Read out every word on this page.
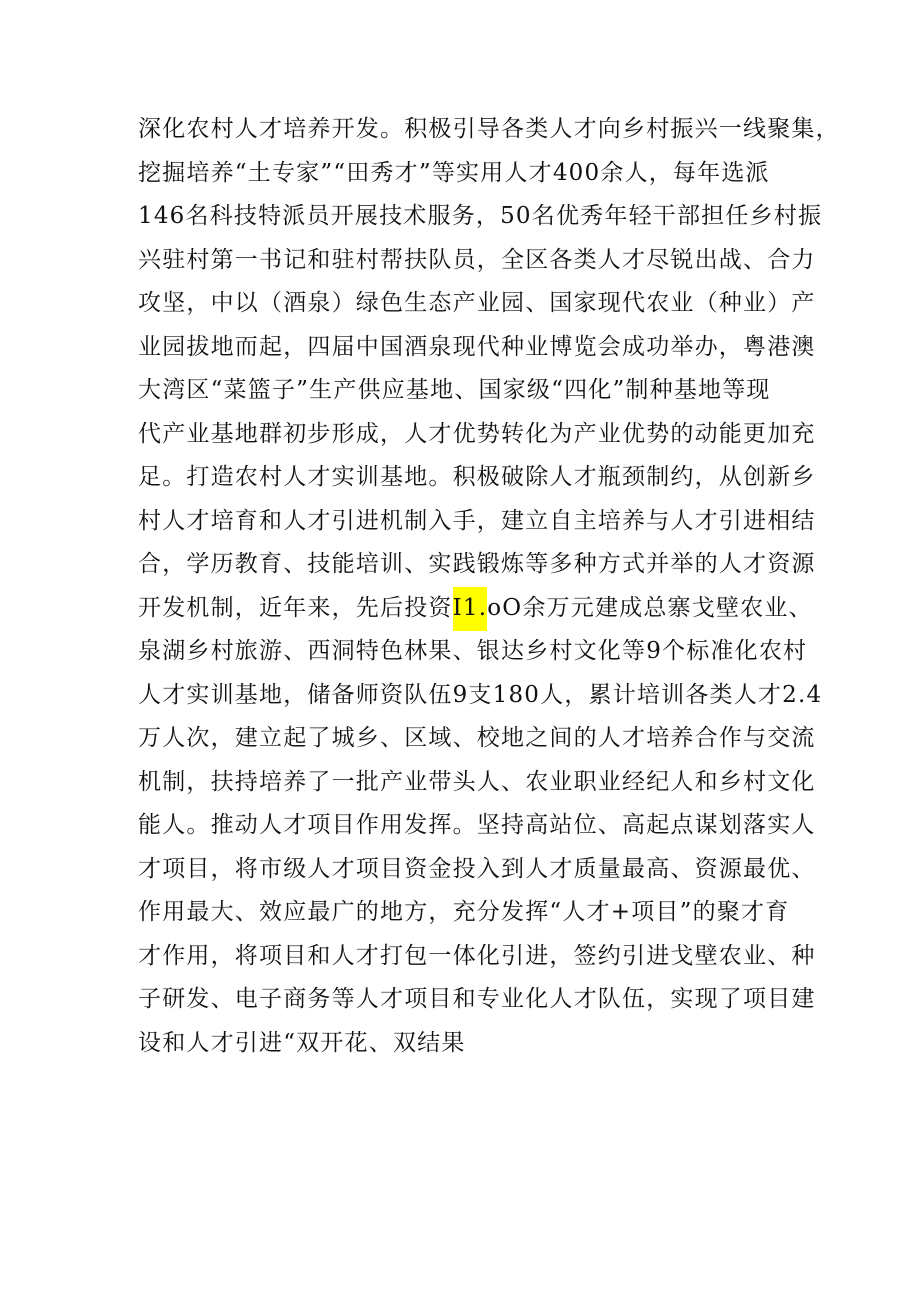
深化农村人才培养开发。积极引导各类人才向乡村振兴一线聚集，
挖掘培养“土专家”“田秀才”等实用人才400余人，每年选派
146名科技特派员开展技术服务，50名优秀年轻干部担任乡村振
兴驻村第一书记和驻村帮扶队员，全区各类人才尽锐出战、合力
攻坚，中以（酒泉）绿色生态产业园、国家现代农业（种业）产
业园拔地而起，四届中国酒泉现代种业博览会成功举办，粤港澳
大湾区“菜篮子”生产供应基地、国家级“四化”制种基地等现
代产业基地群初步形成，人才优势转化为产业优势的动能更加充
足。打造农村人才实训基地。积极破除人才瓶颈制约，从创新乡
村人才培育和人才引进机制入手，建立自主培养与人才引进相结
合，学历教育、技能培训、实践锻炼等多种方式并举的人才资源
开发机制，近年来，先后投资I1.oO余万元建成总寨戈壁农业、
泉湖乡村旅游、西洞特色林果、银达乡村文化等9个标准化农村
人才实训基地，储备师资队伍9支180人，累计培训各类人才2.4
万人次，建立起了城乡、区域、校地之间的人才培养合作与交流
机制，扶持培养了一批产业带头人、农业职业经纪人和乡村文化
能人。推动人才项目作用发挥。坚持高站位、高起点谋划落实人
才项目，将市级人才项目资金投入到人才质量最高、资源最优、
作用最大、效应最广的地方，充分发挥“人才+项目”的聚才育
才作用，将项目和人才打包一体化引进，签约引进戈壁农业、种
子研发、电子商务等人才项目和专业化人才队伍，实现了项目建
设和人才引进“双开花、双结果
